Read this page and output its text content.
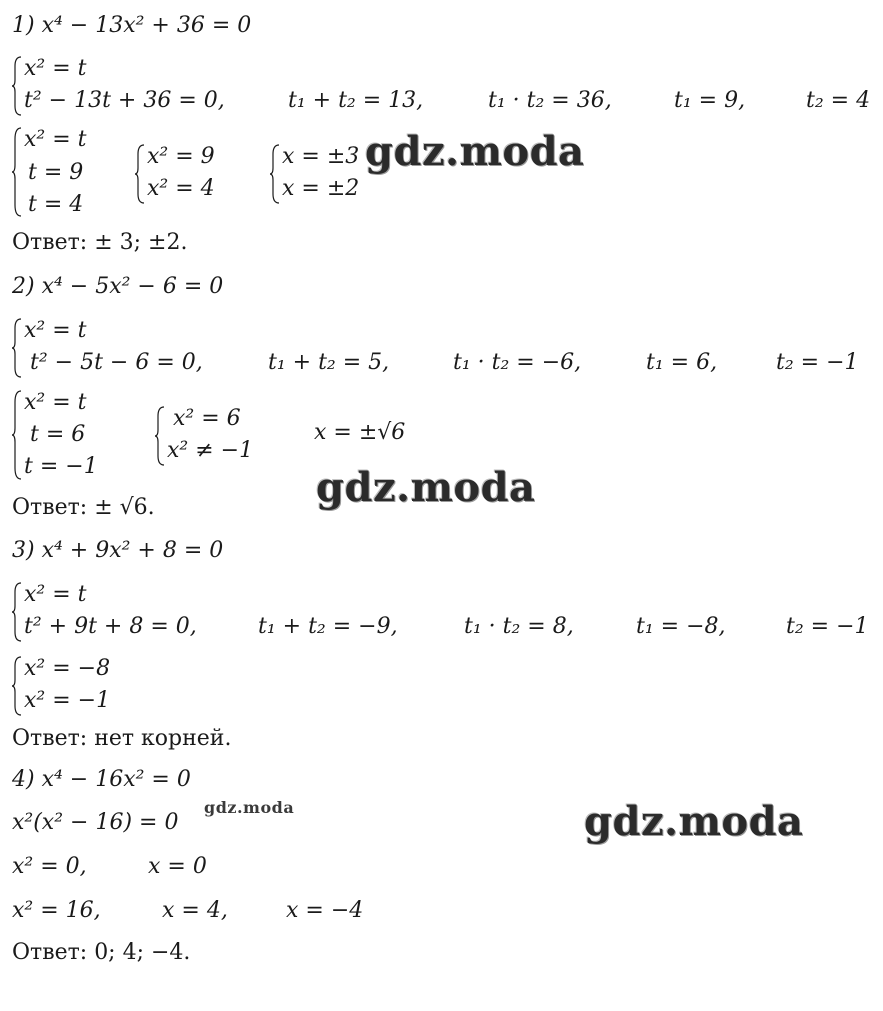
1) x⁴ − 13x² + 36 = 0
x² = t
t² − 13t + 36 = 0,	t₁ + t₂ = 13,	t₁ · t₂ = 36,	t₁ = 9,	t₂ = 4
x² = t
t = 9
t = 4
x² = 9
x² = 4
x = ±3
x = ±2
Ответ: ± 3; ±2.
2) x⁴ − 5x² − 6 = 0
x² = t
t² − 5t − 6 = 0,	t₁ + t₂ = 5,	t₁ · t₂ = −6,	t₁ = 6,	t₂ = −1
x² = t
t = 6
t = −1
x² = 6
x² ≠ −1
x = ±√6
Ответ: ± √6.
3) x⁴ + 9x² + 8 = 0
x² = t
t² + 9t + 8 = 0,	t₁ + t₂ = −9,	t₁ · t₂ = 8,	t₁ = −8,	t₂ = −1
x² = −8
x² = −1
Ответ: нет корней.
4) x⁴ − 16x² = 0
x²(x² − 16) = 0
x² = 0,	x = 0
x² = 16,	x = 4,	x = −4
Ответ: 0; 4; −4.
gdz.moda
gdz.moda
gdz.moda	gdz.moda
